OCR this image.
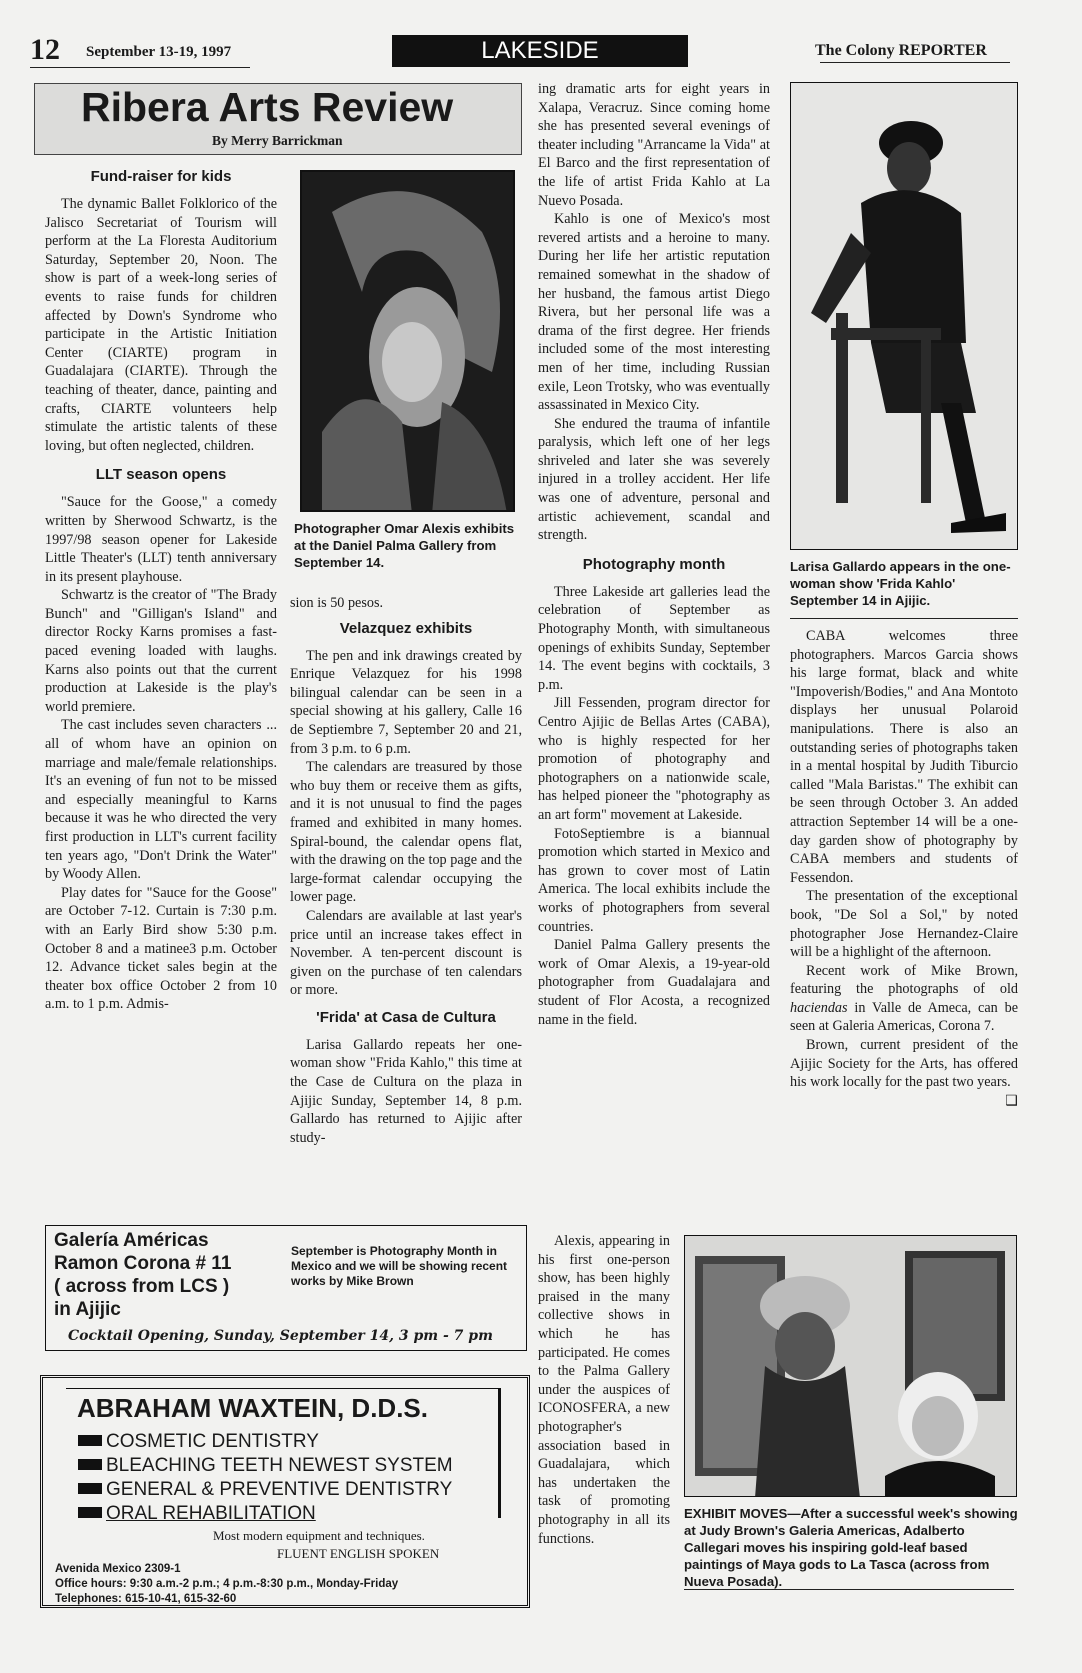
12 September 13-19, 1997	LAKESIDE	The Colony REPORTER
Ribera Arts Review
By Merry Barrickman
Fund-raiser for kids

The dynamic Ballet Folklorico of the Jalisco Secretariat of Tourism will perform at the La Floresta Auditorium Saturday, September 20, Noon. The show is part of a week-long series of events to raise funds for children affected by Down's Syndrome who participate in the Artistic Initiation Center (CIARTE) program in Guadalajara (CIARTE). Through the teaching of theater, dance, painting and crafts, CIARTE volunteers help stimulate the artistic talents of these loving, but often neglected, children.

LLT season opens

"Sauce for the Goose," a comedy written by Sherwood Schwartz, is the 1997/98 season opener for Lakeside Little Theater's (LLT) tenth anniversary in its present playhouse.

Schwartz is the creator of "The Brady Bunch" and "Gilligan's Island" and director Rocky Karns promises a fast-paced evening loaded with laughs. Karns also points out that the current production at Lakeside is the play's world premiere.

The cast includes seven characters ... all of whom have an opinion on marriage and male/female relationships. It's an evening of fun not to be missed and especially meaningful to Karns because it was he who directed the very first production in LLT's current facility ten years ago, "Don't Drink the Water" by Woody Allen.

Play dates for "Sauce for the Goose" are October 7-12. Curtain is 7:30 p.m. with an Early Bird show 5:30 p.m. October 8 and a matinee3 p.m. October 12. Advance ticket sales begin at the theater box office October 2 from 10 a.m. to 1 p.m. Admis-

Photographer Omar Alexis exhibits at the Daniel Palma Gallery from September 14.

sion is 50 pesos.

Velazquez exhibits

The pen and ink drawings created by Enrique Velazquez for his 1998 bilingual calendar can be seen in a special showing at his gallery, Calle 16 de Septiembre 7, September 20 and 21, from 3 p.m. to 6 p.m.

The calendars are treasured by those who buy them or receive them as gifts, and it is not unusual to find the pages framed and exhibited in many homes. Spiral-bound, the calendar opens flat, with the drawing on the top page and the large-format calendar occupying the lower page.

Calendars are available at last year's price until an increase takes effect in November. A ten-percent discount is given on the purchase of ten calendars or more.

'Frida' at Casa de Cultura

Larisa Gallardo repeats her one-woman show "Frida Kahlo," this time at the Case de Cultura on the plaza in Ajijic Sunday, September 14, 8 p.m. Gallardo has returned to Ajijic after study-

ing dramatic arts for eight years in Xalapa, Veracruz. Since coming home she has presented several evenings of theater including "Arrancame la Vida" at El Barco and the first representation of the life of artist Frida Kahlo at La Nuevo Posada.

Kahlo is one of Mexico's most revered artists and a heroine to many. During her life her artistic reputation remained somewhat in the shadow of her husband, the famous artist Diego Rivera, but her personal life was a drama of the first degree. Her friends included some of the most interesting men of her time, including Russian exile, Leon Trotsky, who was eventually assassinated in Mexico City.

She endured the trauma of infantile paralysis, which left one of her legs shriveled and later she was severely injured in a trolley accident. Her life was one of adventure, personal and artistic achievement, scandal and strength.

Photography month

Three Lakeside art galleries lead the celebration of September as Photography Month, with simultaneous openings of exhibits Sunday, September 14. The event begins with cocktails, 3 p.m.

Jill Fessenden, program director for Centro Ajijic de Bellas Artes (CABA), who is highly respected for her promotion of photography and photographers on a nationwide scale, has helped pioneer the "photography as an art form" movement at Lakeside.

FotoSeptiembre is a biannual promotion which started in Mexico and has grown to cover most of Latin America. The local exhibits include the works of photographers from several countries.

Daniel Palma Gallery presents the work of Omar Alexis, a 19-year-old photographer from Guadalajara and student of Flor Acosta, a recognized name in the field.

Alexis, appearing in his first one-person show, has been highly praised in the many collective shows in which he has participated. He comes to the Palma Gallery under the auspices of ICONOSFERA, a new photographer's association based in Guadalajara, which has undertaken the task of promoting photography in all its functions.

Larisa Gallardo appears in the one-woman show 'Frida Kahlo' September 14 in Ajijic.

CABA welcomes three photographers. Marcos Garcia shows his large format, black and white "Impoverish/Bodies," and Ana Montoto displays her unusual Polaroid manipulations. There is also an outstanding series of photographs taken in a mental hospital by Judith Tiburcio called "Mala Baristas." The exhibit can be seen through October 3. An added attraction September 14 will be a one-day garden show of photography by CABA members and students of Fessendon.

The presentation of the exceptional book, "De Sol a Sol," by noted photographer Jose Hernandez-Claire will be a highlight of the afternoon.

Recent work of Mike Brown, featuring the photographs of old haciendas in Valle de Ameca, can be seen at Galeria Americas, Corona 7.

Brown, current president of the Ajijic Society for the Arts, has offered his work locally for the past two years.
❑

EXHIBIT MOVES—After a successful week's showing at Judy Brown's Galeria Americas, Adalberto Callegari moves his inspiring gold-leaf based paintings of Maya gods to La Tasca (across from Nueva Posada).
Galería Américas
Ramon Corona # 11
( across from LCS )
in Ajijic
September is Photography Month in Mexico and we will be showing recent works by Mike Brown
Cocktail Opening, Sunday, September 14, 3 pm - 7 pm
ABRAHAM WAXTEIN, D.D.S.
COSMETIC DENTISTRY
BLEACHING TEETH NEWEST SYSTEM
GENERAL & PREVENTIVE DENTISTRY
ORAL REHABILITATION
Most modern equipment and techniques.
FLUENT ENGLISH SPOKEN
Avenida Mexico 2309-1
Office hours: 9:30 a.m.-2 p.m.; 4 p.m.-8:30 p.m., Monday-Friday
Telephones: 615-10-41, 615-32-60
